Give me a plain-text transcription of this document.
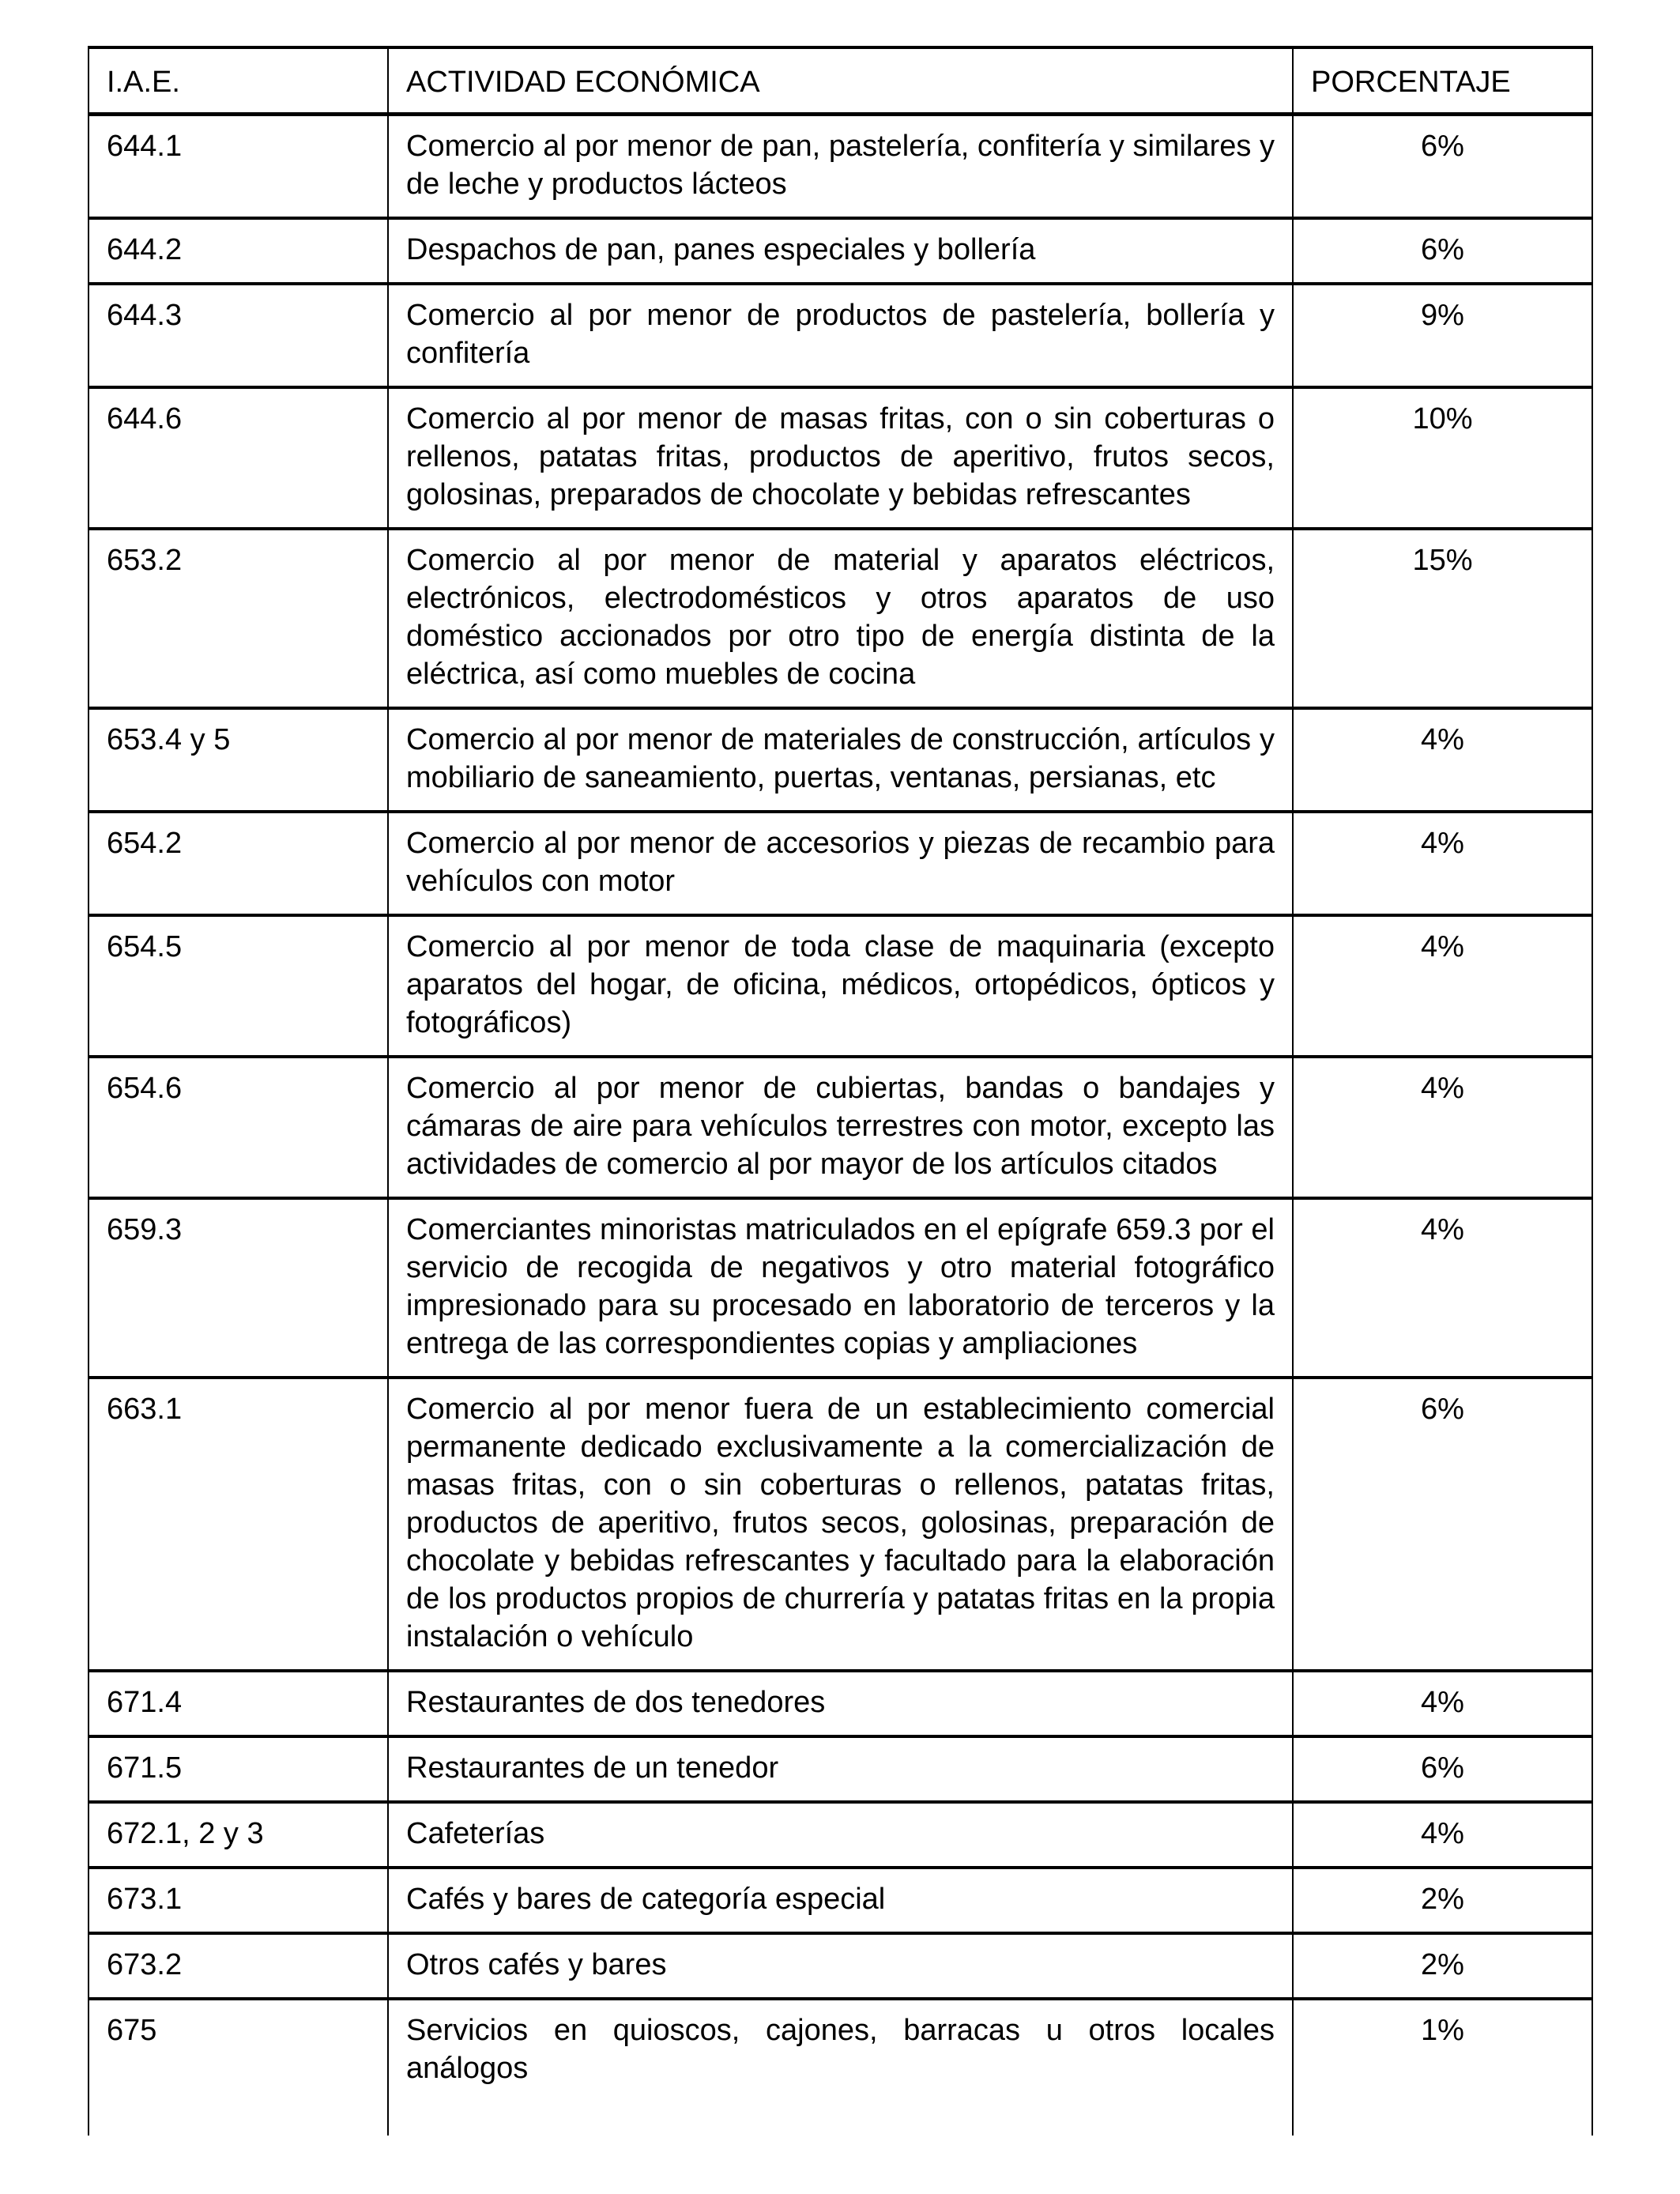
I.A.E.	ACTIVIDAD ECONÓMICA	PORCENTAJE
644.1	Comercio al por menor de pan, pastelería, confitería y similares y de leche y productos lácteos	6%
644.2	Despachos de pan, panes especiales y bollería	6%
644.3	Comercio al por menor de productos de pastelería, bollería y confitería	9%
644.6	Comercio al por menor de masas fritas, con o sin coberturas o rellenos, patatas fritas, productos de aperitivo, frutos secos, golosinas, preparados de chocolate y bebidas refrescantes	10%
653.2	Comercio al por menor de material y aparatos eléctricos, electrónicos, electrodomésticos y otros aparatos de uso doméstico accionados por otro tipo de energía distinta de la eléctrica, así como muebles de cocina	15%
653.4 y 5	Comercio al por menor de materiales de construcción, artículos y mobiliario de saneamiento, puertas, ventanas, persianas, etc	4%
654.2	Comercio al por menor de accesorios y piezas de recambio para vehículos con motor	4%
654.5	Comercio al por menor de toda clase de maquinaria (excepto aparatos del hogar, de oficina, médicos, ortopédicos, ópticos y fotográficos)	4%
654.6	Comercio al por menor de cubiertas, bandas o bandajes y cámaras de aire para vehículos terrestres con motor, excepto las actividades de comercio al por mayor de los artículos citados	4%
659.3	Comerciantes minoristas matriculados en el epígrafe 659.3 por el servicio de recogida de negativos y otro material fotográfico impresionado para su procesado en laboratorio de terceros y la entrega de las correspondientes copias y ampliaciones	4%
663.1	Comercio al por menor fuera de un establecimiento comercial permanente dedicado exclusivamente a la comercialización de masas fritas, con o sin coberturas o rellenos, patatas fritas, productos de aperitivo, frutos secos, golosinas, preparación de chocolate y bebidas refrescantes y facultado para la elaboración de los productos propios de churrería y patatas fritas en la propia instalación o vehículo	6%
671.4	Restaurantes de dos tenedores	4%
671.5	Restaurantes de un tenedor	6%
672.1, 2 y 3	Cafeterías	4%
673.1	Cafés y bares de categoría especial	2%
673.2	Otros cafés y bares	2%
675	Servicios en quioscos, cajones, barracas u otros locales análogos	1%
